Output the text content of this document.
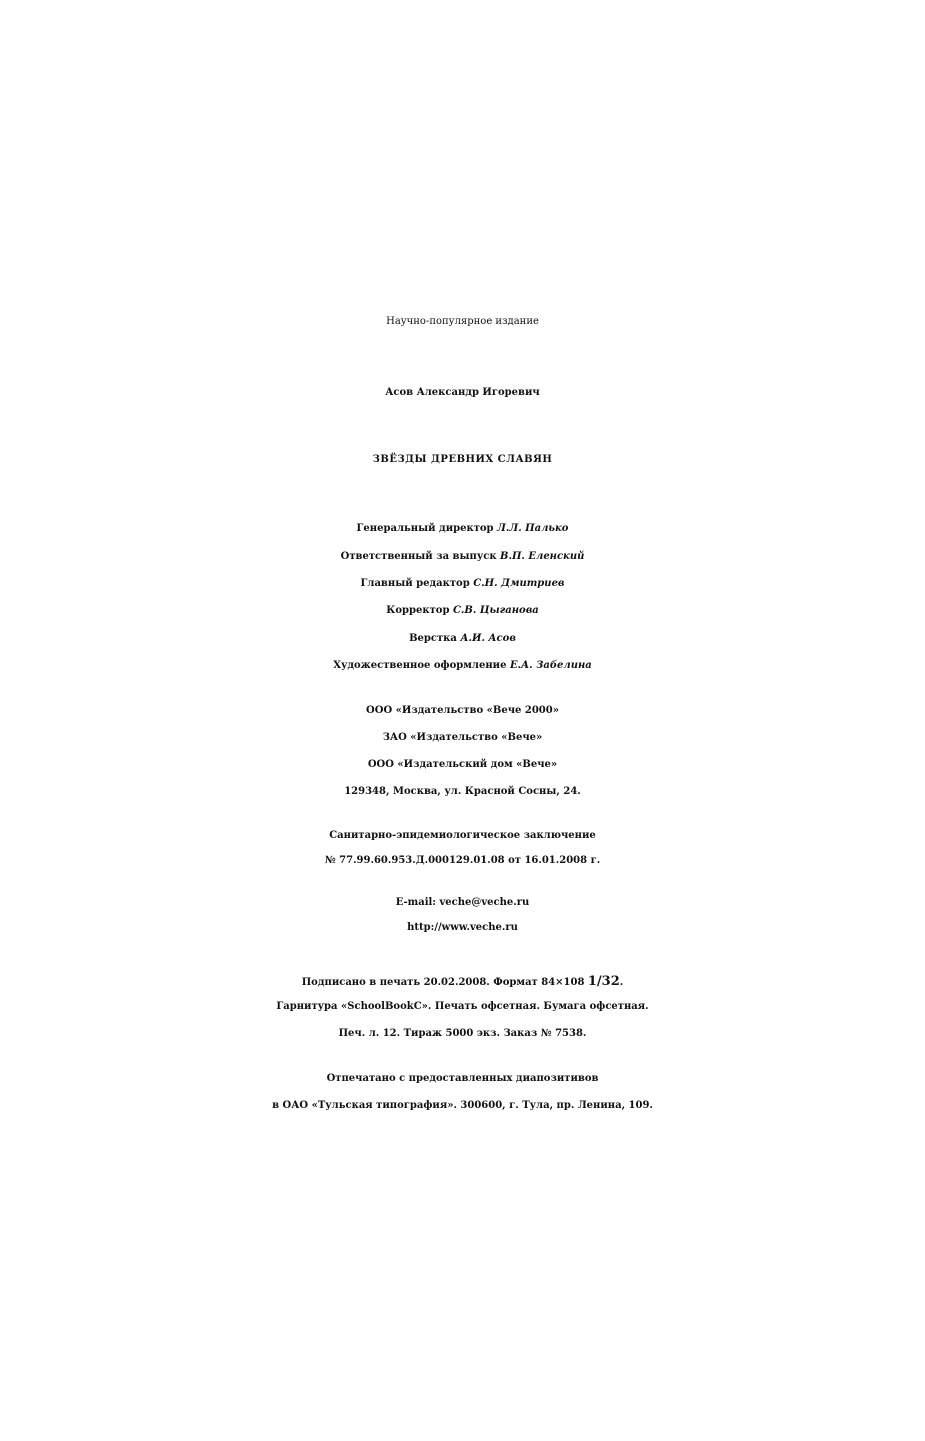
Научно-популярное издание
Асов Александр Игоревич
ЗВЁЗДЫ ДРЕВНИХ СЛАВЯН
Генеральный директор Л.Л. Палько
Ответственный за выпуск В.П. Еленский
Главный редактор С.Н. Дмитриев
Корректор С.В. Цыганова
Верстка А.И. Асов
Художественное оформление Е.А. Забелина
ООО «Издательство «Вече 2000»
ЗАО «Издательство «Вече»
ООО «Издательский дом «Вече»
129348, Москва, ул. Красной Сосны, 24.
Санитарно-эпидемиологическое заключение
№ 77.99.60.953.Д.000129.01.08 от 16.01.2008 г.
E-mail: veche@veche.ru
http://www.veche.ru
Подписано в печать 20.02.2008. Формат 84×108 1/32.
Гарнитура «SchoolBookC». Печать офсетная. Бумага офсетная.
Печ. л. 12. Тираж 5000 экз. Заказ № 7538.
Отпечатано с предоставленных диапозитивов
в ОАО «Тульская типография». 300600, г. Тула, пр. Ленина, 109.
